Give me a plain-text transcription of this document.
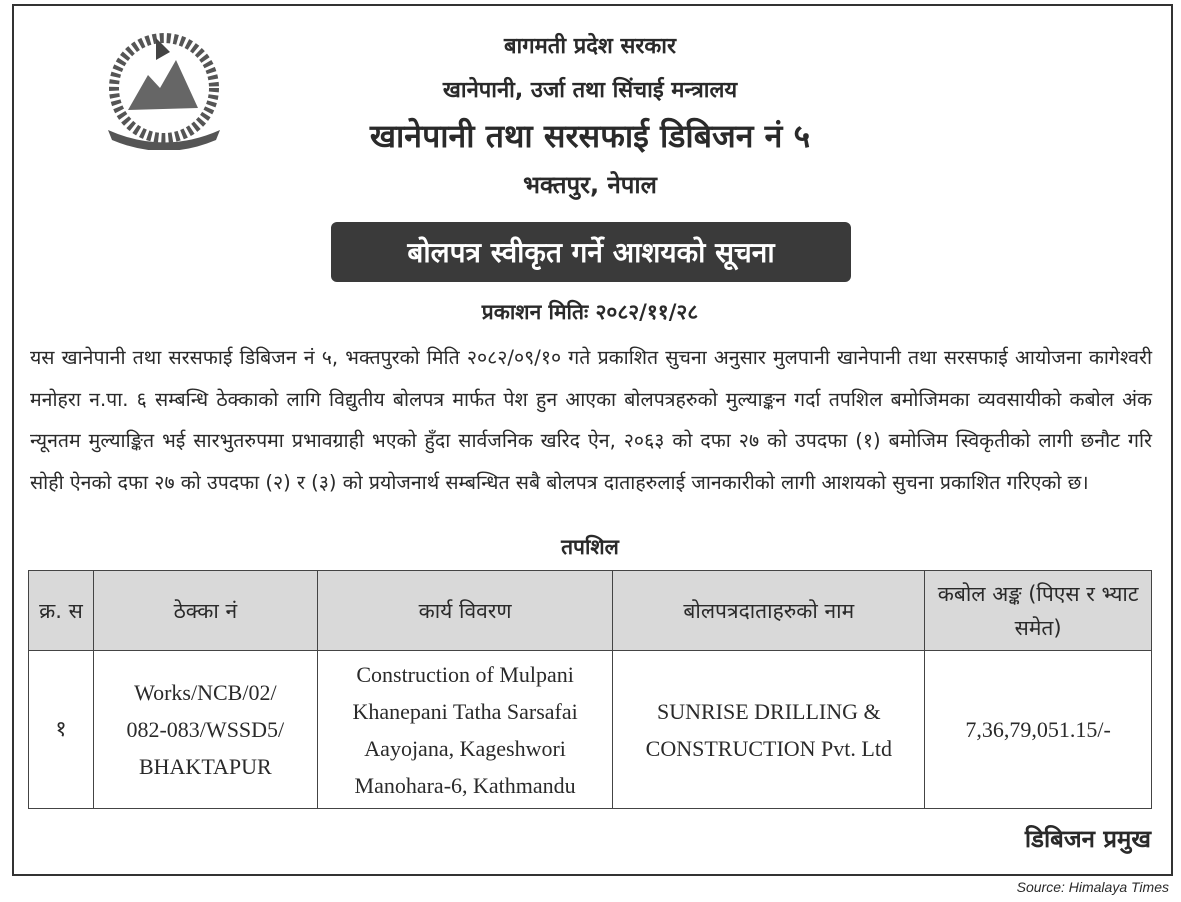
बागमती प्रदेश सरकार
खानेपानी, उर्जा तथा सिंचाई मन्त्रालय
खानेपानी तथा सरसफाई डिबिजन नं ५
भक्तपुर, नेपाल
बोलपत्र स्वीकृत गर्ने आशयको सूचना
प्रकाशन मितिः २०८२/११/२८
यस खानेपानी तथा सरसफाई डिबिजन नं ५, भक्तपुरको मिति २०८२/०९/१० गते प्रकाशित सुचना अनुसार मुलपानी खानेपानी तथा सरसफाई आयोजना कागेश्वरी मनोहरा न.पा. ६ सम्बन्धि ठेक्काको लागि विद्युतीय बोलपत्र मार्फत पेश हुन आएका बोलपत्रहरुको मुल्याङ्कन गर्दा तपशिल बमोजिमका व्यवसायीको कबोल अंक न्यूनतम मुल्याङ्कित भई सारभुतरुपमा प्रभावग्राही भएको हुँदा सार्वजनिक खरिद ऐन, २०६३ को दफा २७ को उपदफा (१) बमोजिम स्विकृतीको लागी छनौट गरि सोही ऐनको दफा २७ को उपदफा (२) र (३) को प्रयोजनार्थ सम्बन्धित सबै बोलपत्र दाताहरुलाई जानकारीको लागी आशयको सुचना प्रकाशित गरिएको छ।
तपशिल
क्र. स	ठेक्का नं	कार्य विवरण	बोलपत्रदाताहरुको नाम	कबोल अङ्क (पिएस र भ्याट समेत)
१	Works/NCB/02/ 082-083/WSSD5/ BHAKTAPUR	Construction of Mulpani Khanepani Tatha Sarsafai Aayojana, Kageshwori Manohara-6, Kathmandu	SUNRISE DRILLING & CONSTRUCTION Pvt. Ltd	7,36,79,051.15/-
डिबिजन प्रमुख
Source: Himalaya Times
